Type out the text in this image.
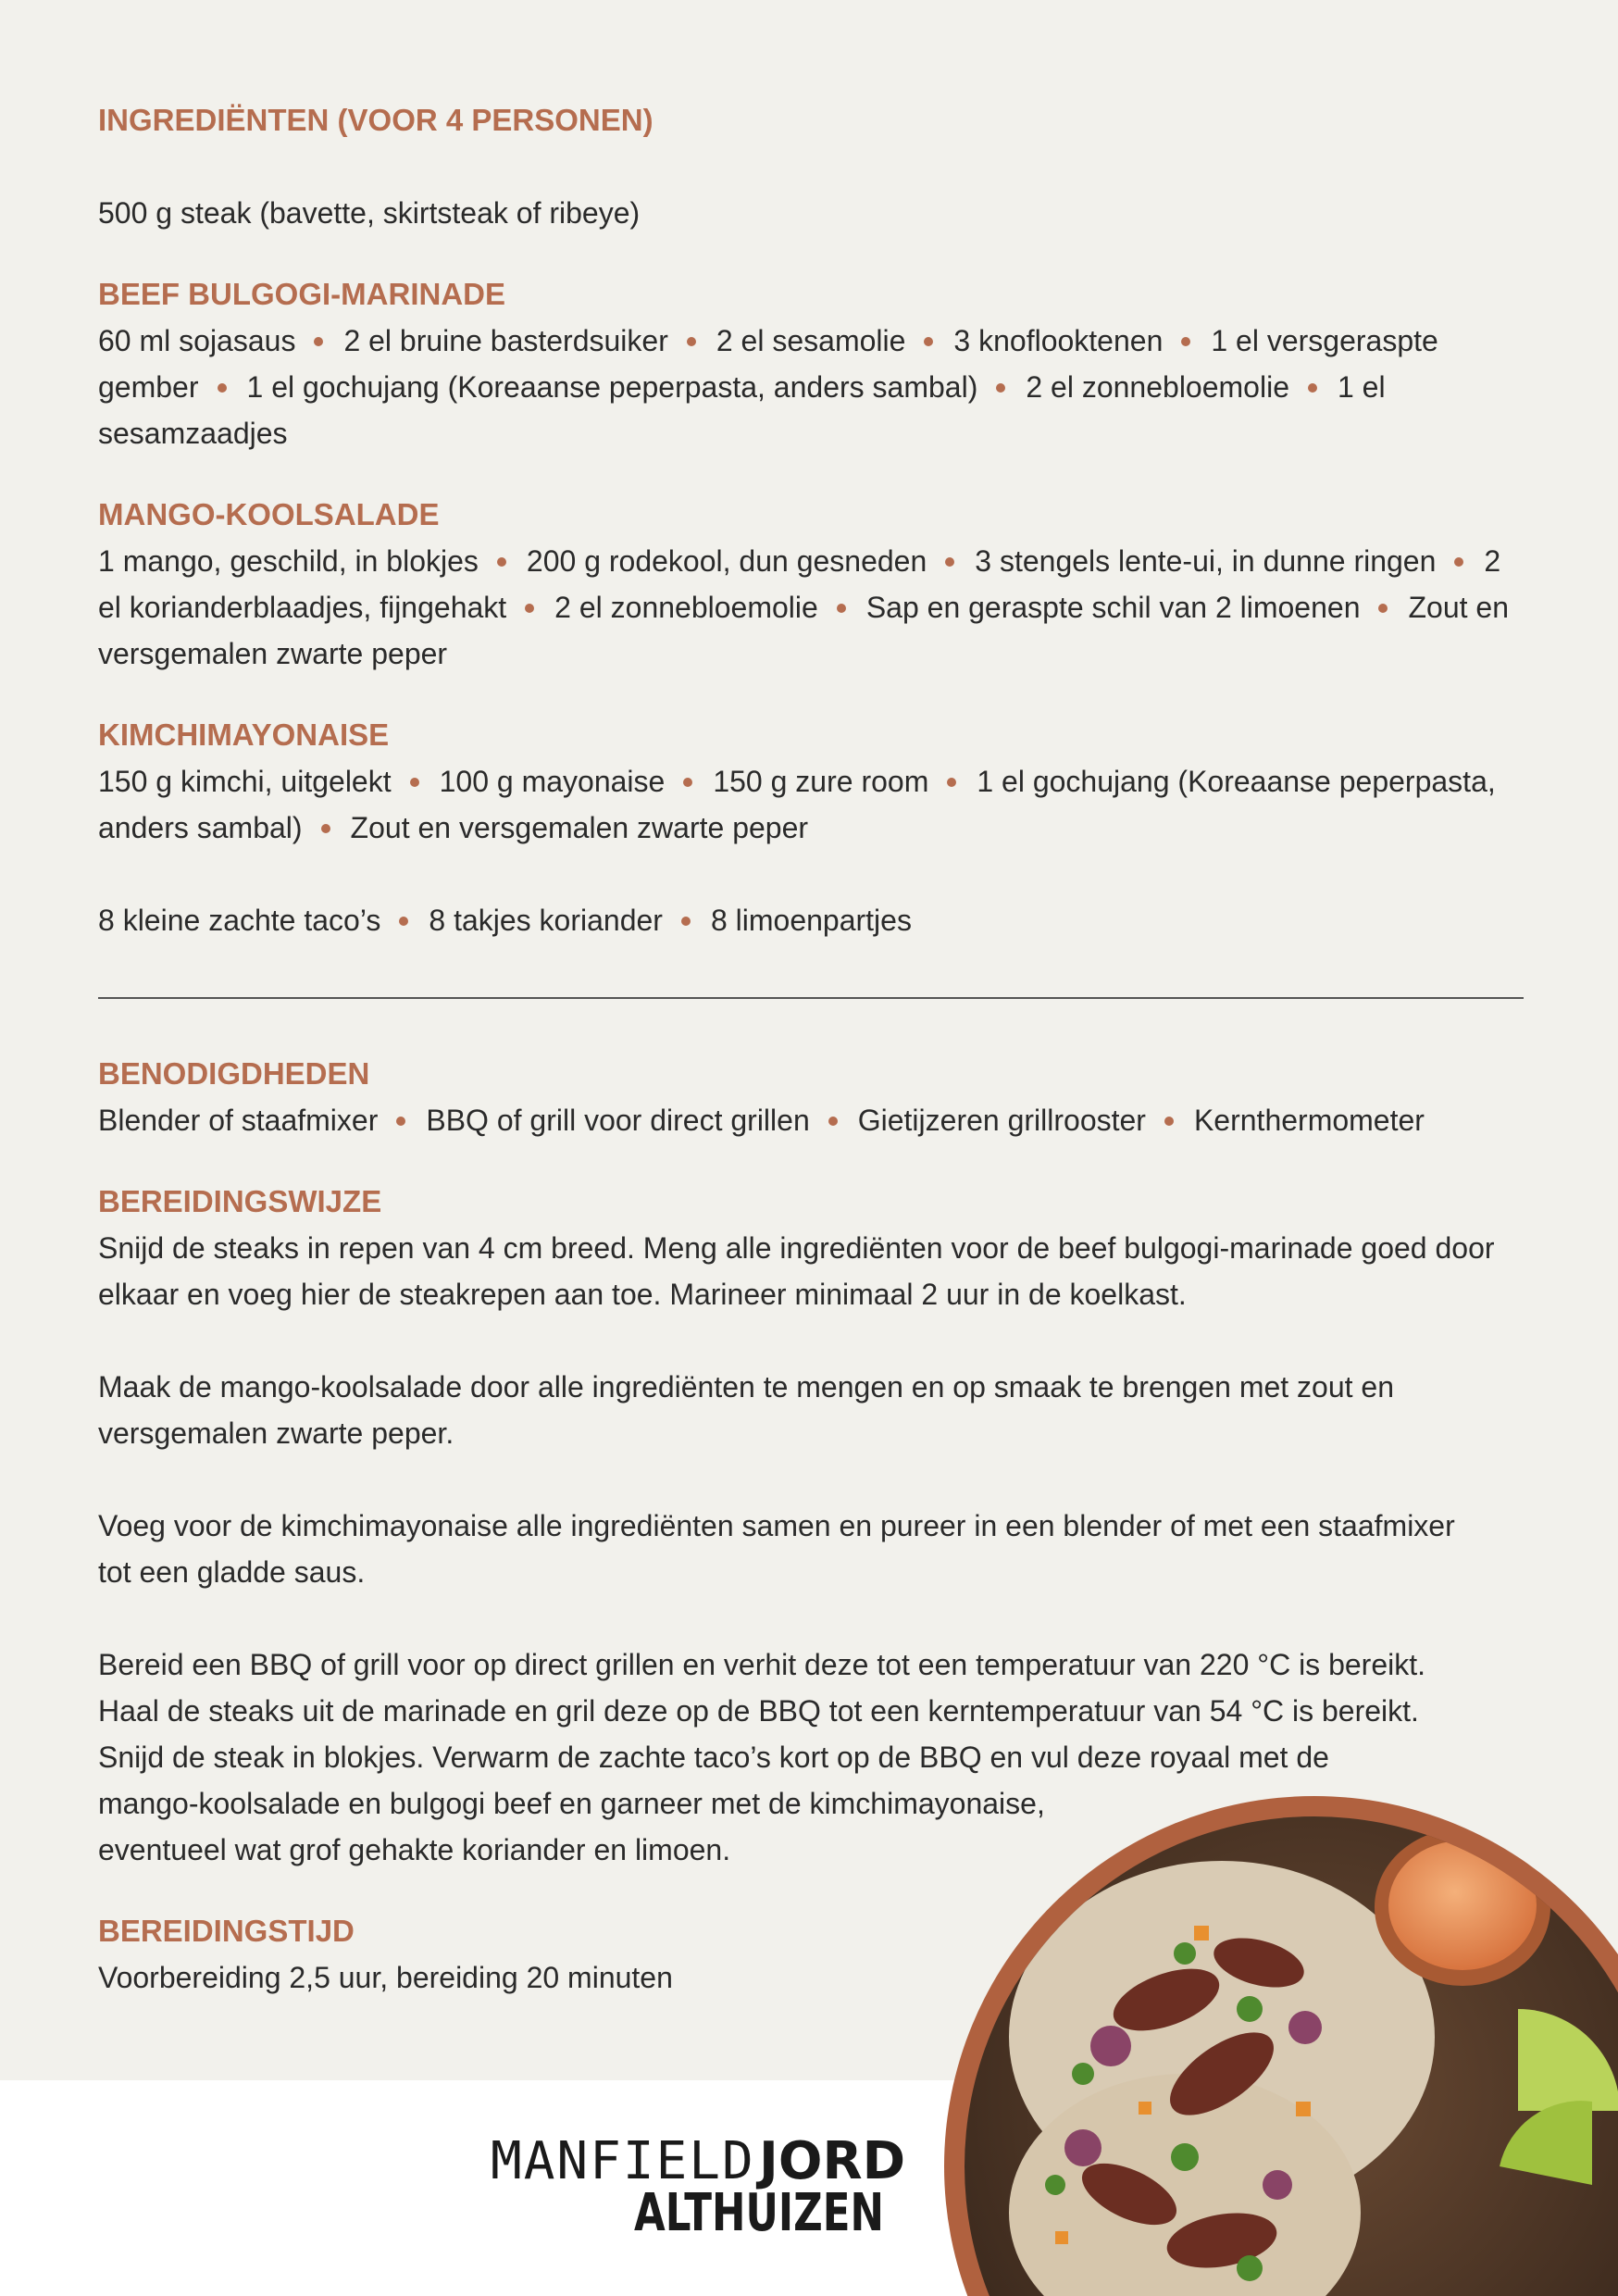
INGREDIËNTEN (VOOR 4 PERSONEN)

500 g steak (bavette, skirtsteak of ribeye)

BEEF BULGOGI-MARINADE

60 ml sojasaus 2 el bruine basterdsuiker 2 el sesamolie 3 knoflooktenen 1 el versgeraspte gember 1 el gochujang (Koreaanse peperpasta, anders sambal) 2 el zonnebloemolie 1 el sesamzaadjes

MANGO-KOOLSALADE

1 mango, geschild, in blokjes 200 g rodekool, dun gesneden 3 stengels lente-ui, in dunne ringen 2 el korianderblaadjes, fijngehakt 2 el zonnebloemolie Sap en geraspte schil van 2 limoenen Zout en versgemalen zwarte peper

KIMCHIMAYONAISE

150 g kimchi, uitgelekt 100 g mayonaise 150 g zure room 1 el gochujang (Koreaanse peperpasta, anders sambal) Zout en versgemalen zwarte peper

8 kleine zachte taco’s 8 takjes koriander 8 limoenpartjes

BENODIGDHEDEN

Blender of staafmixer BBQ of grill voor direct grillen Gietijzeren grillrooster Kernthermometer

BEREIDINGSWIJZE

Snijd de steaks in repen van 4 cm breed. Meng alle ingrediënten voor de beef bulgogi-marinade goed door

elkaar en voeg hier de steakrepen aan toe. Marineer minimaal 2 uur in de koelkast.

Maak de mango-koolsalade door alle ingrediënten te mengen en op smaak te brengen met zout en

versgemalen zwarte peper.

Voeg voor de kimchimayonaise alle ingrediënten samen en pureer in een blender of met een staafmixer

tot een gladde saus.

Bereid een BBQ of grill voor op direct grillen en verhit deze tot een temperatuur van 220 °C is bereikt.

Haal de steaks uit de marinade en gril deze op de BBQ tot een kerntemperatuur van 54 °C is bereikt.

Snijd de steak in blokjes. Verwarm de zachte taco’s kort op de BBQ en vul deze royaal met de

mango-koolsalade en bulgogi beef en garneer met de kimchimayonaise,

eventueel wat grof gehakte koriander en limoen.

BEREIDINGSTIJD

Voorbereiding 2,5 uur, bereiding 20 minuten

MANFIELD JORD
ALTHUIZEN
